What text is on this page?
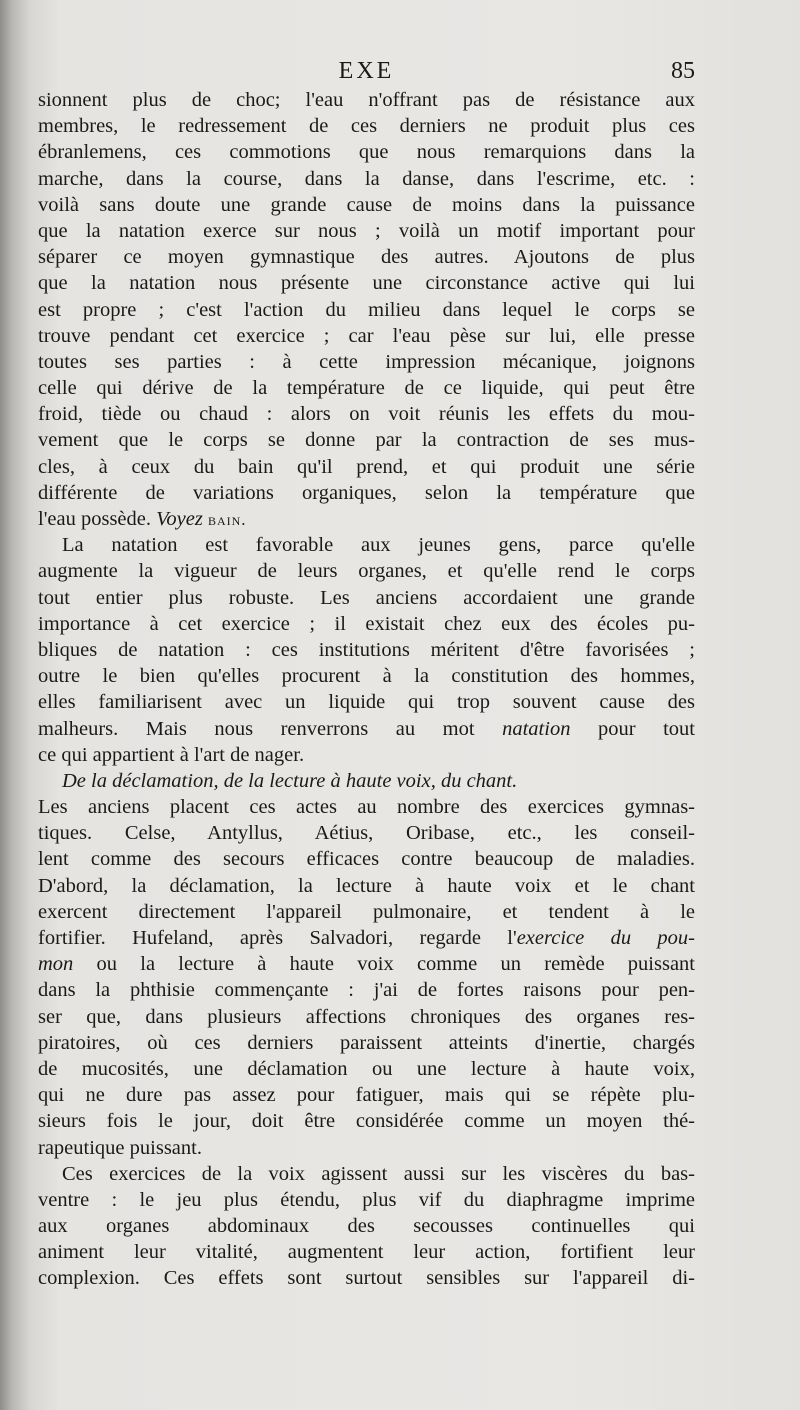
EXE	85
sionnent plus de choc; l'eau n'offrant pas de résistance aux
membres, le redressement de ces derniers ne produit plus ces
ébranlemens, ces commotions que nous remarquions dans la
marche, dans la course, dans la danse, dans l'escrime, etc. :
voilà sans doute une grande cause de moins dans la puissance
que la natation exerce sur nous ; voilà un motif important pour
séparer ce moyen gymnastique des autres. Ajoutons de plus
que la natation nous présente une circonstance active qui lui
est propre ; c'est l'action du milieu dans lequel le corps se
trouve pendant cet exercice ; car l'eau pèse sur lui, elle presse
toutes ses parties : à cette impression mécanique, joignons
celle qui dérive de la température de ce liquide, qui peut être
froid, tiède ou chaud : alors on voit réunis les effets du mou-
vement que le corps se donne par la contraction de ses mus-
cles, à ceux du bain qu'il prend, et qui produit une série
différente de variations organiques, selon la température que
l'eau possède. Voyez bain.
La natation est favorable aux jeunes gens, parce qu'elle
augmente la vigueur de leurs organes, et qu'elle rend le corps
tout entier plus robuste. Les anciens accordaient une grande
importance à cet exercice ; il existait chez eux des écoles pu-
bliques de natation : ces institutions méritent d'être favorisées ;
outre le bien qu'elles procurent à la constitution des hommes,
elles familiarisent avec un liquide qui trop souvent cause des
malheurs. Mais nous renverrons au mot natation pour tout
ce qui appartient à l'art de nager.
De la déclamation, de la lecture à haute voix, du chant.
Les anciens placent ces actes au nombre des exercices gymnas-
tiques. Celse, Antyllus, Aétius, Oribase, etc., les conseil-
lent comme des secours efficaces contre beaucoup de maladies.
D'abord, la déclamation, la lecture à haute voix et le chant
exercent directement l'appareil pulmonaire, et tendent à le
fortifier. Hufeland, après Salvadori, regarde l'exercice du pou-
mon ou la lecture à haute voix comme un remède puissant
dans la phthisie commençante : j'ai de fortes raisons pour pen-
ser que, dans plusieurs affections chroniques des organes res-
piratoires, où ces derniers paraissent atteints d'inertie, chargés
de mucosités, une déclamation ou une lecture à haute voix,
qui ne dure pas assez pour fatiguer, mais qui se répète plu-
sieurs fois le jour, doit être considérée comme un moyen thé-
rapeutique puissant.
Ces exercices de la voix agissent aussi sur les viscères du bas-
ventre : le jeu plus étendu, plus vif du diaphragme imprime
aux organes abdominaux des secousses continuelles qui
animent leur vitalité, augmentent leur action, fortifient leur
complexion. Ces effets sont surtout sensibles sur l'appareil di-
